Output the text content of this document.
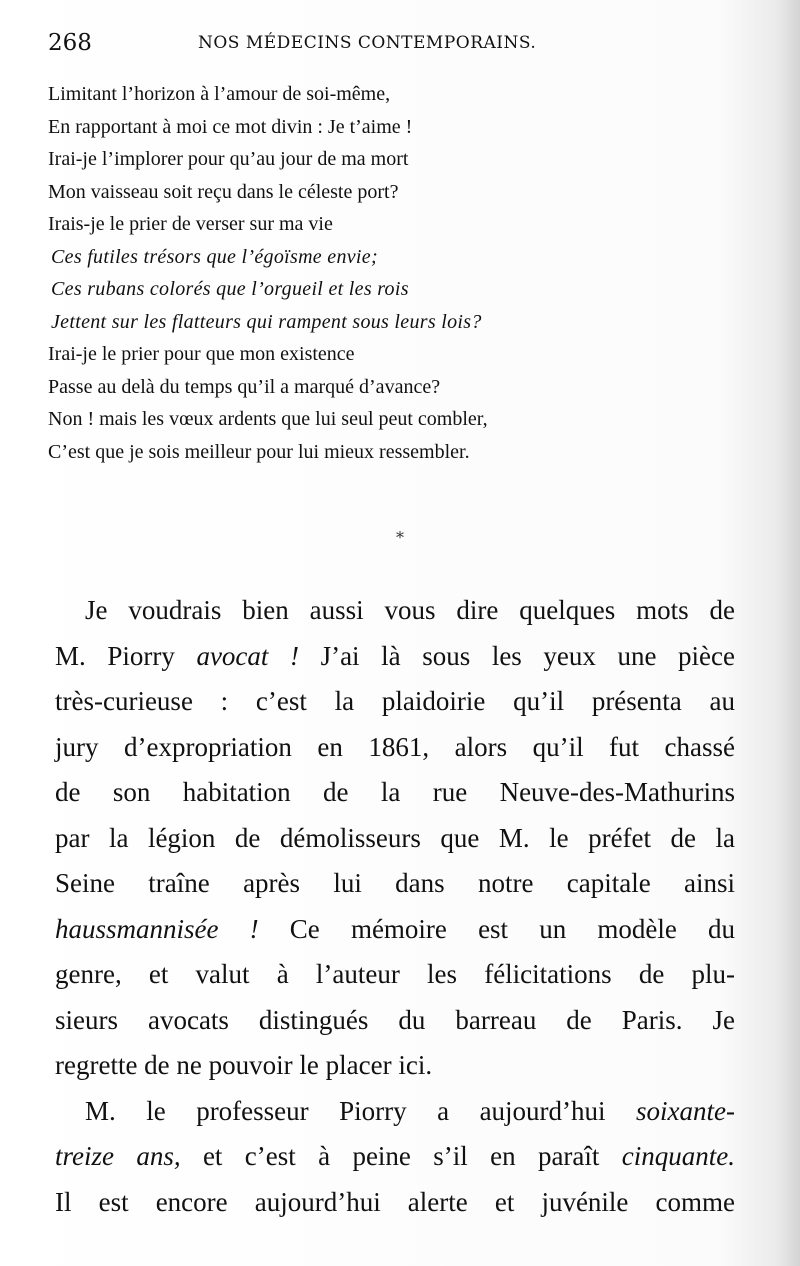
268	NOS MÉDECINS CONTEMPORAINS.
Limitant l’horizon à l’amour de soi-même,
En rapportant à moi ce mot divin : Je t’aime !
Irai-je l’implorer pour qu’au jour de ma mort
Mon vaisseau soit reçu dans le céleste port?
Irais-je le prier de verser sur ma vie
Ces futiles trésors que l’égoïsme envie;
Ces rubans colorés que l’orgueil et les rois
Jettent sur les flatteurs qui rampent sous leurs lois?
Irai-je le prier pour que mon existence
Passe au delà du temps qu’il a marqué d’avance?
Non ! mais les vœux ardents que lui seul peut combler,
C’est que je sois meilleur pour lui mieux ressembler.
*
Je voudrais bien aussi vous dire quelques mots de
M. Piorry avocat ! J’ai là sous les yeux une pièce
très-curieuse : c’est la plaidoirie qu’il présenta au
jury d’expropriation en 1861, alors qu’il fut chassé
de son habitation de la rue Neuve-des-Mathurins
par la légion de démolisseurs que M. le préfet de la
Seine traîne après lui dans notre capitale ainsi
haussmannisée ! Ce mémoire est un modèle du
genre, et valut à l’auteur les félicitations de plu-
sieurs avocats distingués du barreau de Paris. Je
regrette de ne pouvoir le placer ici.
M. le professeur Piorry a aujourd’hui soixante-
treize ans, et c’est à peine s’il en paraît cinquante.
Il est encore aujourd’hui alerte et juvénile comme
